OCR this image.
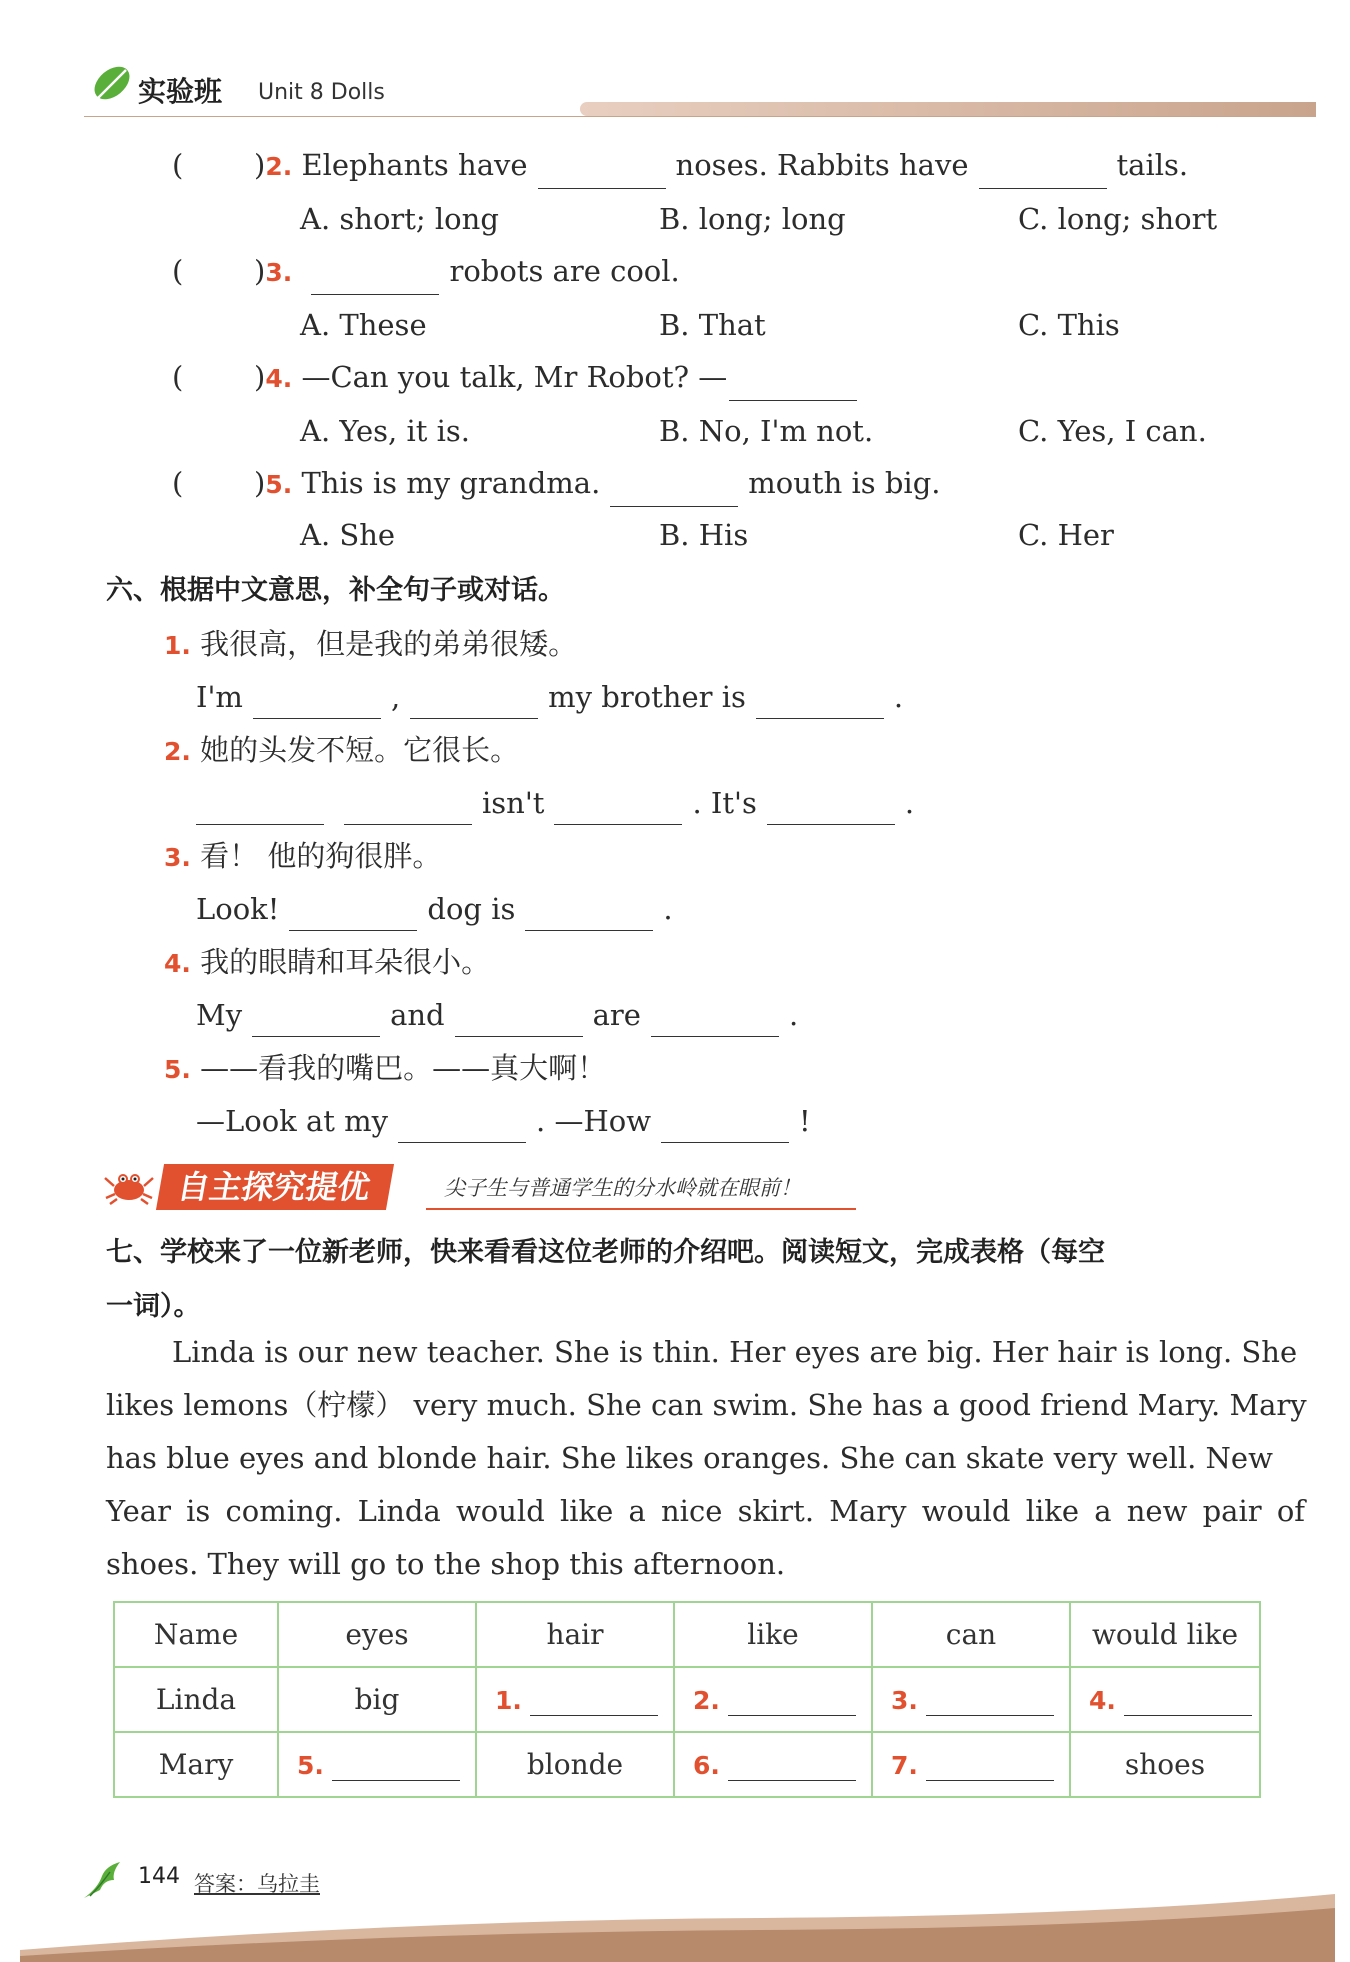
实验班 Unit 8 Dolls
( )2. Elephants have	noses. Rabbits have	tails.
A. short; long	B. long; long	C. long; short
( )3.	robots are cool.
A. These	B. That	C. This
( )4. —Can you talk, Mr Robot? —
A. Yes, it is.	B. No, I'm not.	C. Yes, I can.
( )5. This is my grandma.	mouth is big.
A. She	B. His	C. Her
六、根据中文意思，补全句子或对话。
1. 我很高，但是我的弟弟很矮。
I'm	,	my brother is	.
2. 她的头发不短。它很长。
isn't	. It's	.
3. 看！ 他的狗很胖。
Look!	dog is	.
4. 我的眼睛和耳朵很小。
My	and	are	.
5. ——看我的嘴巴。——真大啊！
—Look at my	. —How	!
自主探究提优	尖子生与普通学生的分水岭就在眼前！
七、学校来了一位新老师，快来看看这位老师的介绍吧。阅读短文，完成表格（每空
一词）。
Linda is our new teacher. She is thin. Her eyes are big. Her hair is long. She
likes lemons（柠檬） very much. She can swim. She has a good friend Mary. Mary
has blue eyes and blonde hair. She likes oranges. She can skate very well. New
Year is coming. Linda would like a nice skirt. Mary would like a new pair of
shoes. They will go to the shop this afternoon.
Name	eyes	hair	like	can	would like
Linda	big	1.	2.	3.	4.
Mary	5.	blonde	6.	7.	shoes
144 答案：乌拉圭
